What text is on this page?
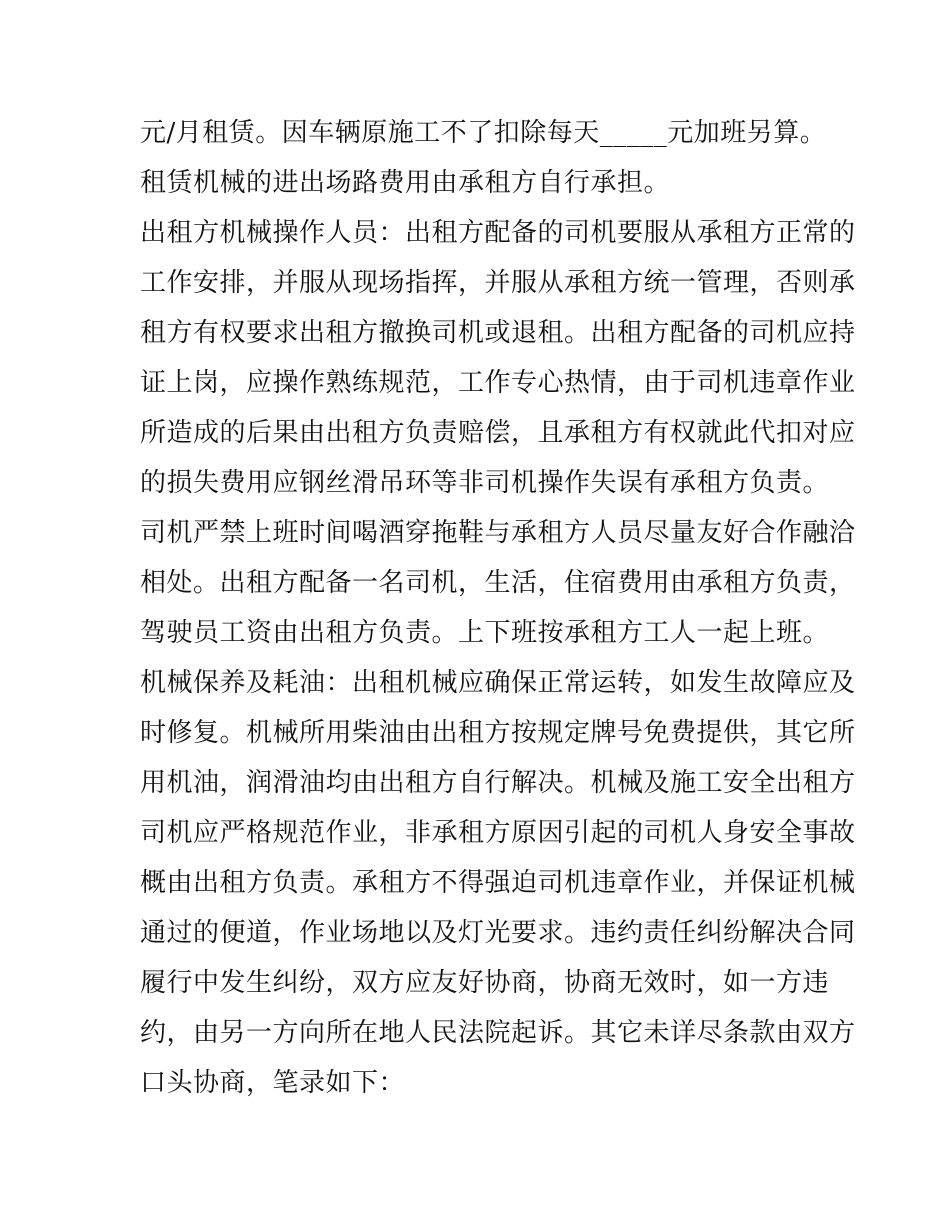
元/月租赁。因车辆原施工不了扣除每天_____元加班另算。
租赁机械的进出场路费用由承租方自行承担。
出租方机械操作人员：出租方配备的司机要服从承租方正常的
工作安排，并服从现场指挥，并服从承租方统一管理，否则承
租方有权要求出租方撤换司机或退租。出租方配备的司机应持
证上岗，应操作熟练规范，工作专心热情，由于司机违章作业
所造成的后果由出租方负责赔偿，且承租方有权就此代扣对应
的损失费用应钢丝滑吊环等非司机操作失误有承租方负责。
司机严禁上班时间喝酒穿拖鞋与承租方人员尽量友好合作融洽
相处。出租方配备一名司机，生活，住宿费用由承租方负责，
驾驶员工资由出租方负责。上下班按承租方工人一起上班。
机械保养及耗油：出租机械应确保正常运转，如发生故障应及
时修复。机械所用柴油由出租方按规定牌号免费提供，其它所
用机油，润滑油均由出租方自行解决。机械及施工安全出租方
司机应严格规范作业，非承租方原因引起的司机人身安全事故
概由出租方负责。承租方不得强迫司机违章作业，并保证机械
通过的便道，作业场地以及灯光要求。违约责任纠纷解决合同
履行中发生纠纷，双方应友好协商，协商无效时，如一方违
约，由另一方向所在地人民法院起诉。其它未详尽条款由双方
口头协商，笔录如下：
